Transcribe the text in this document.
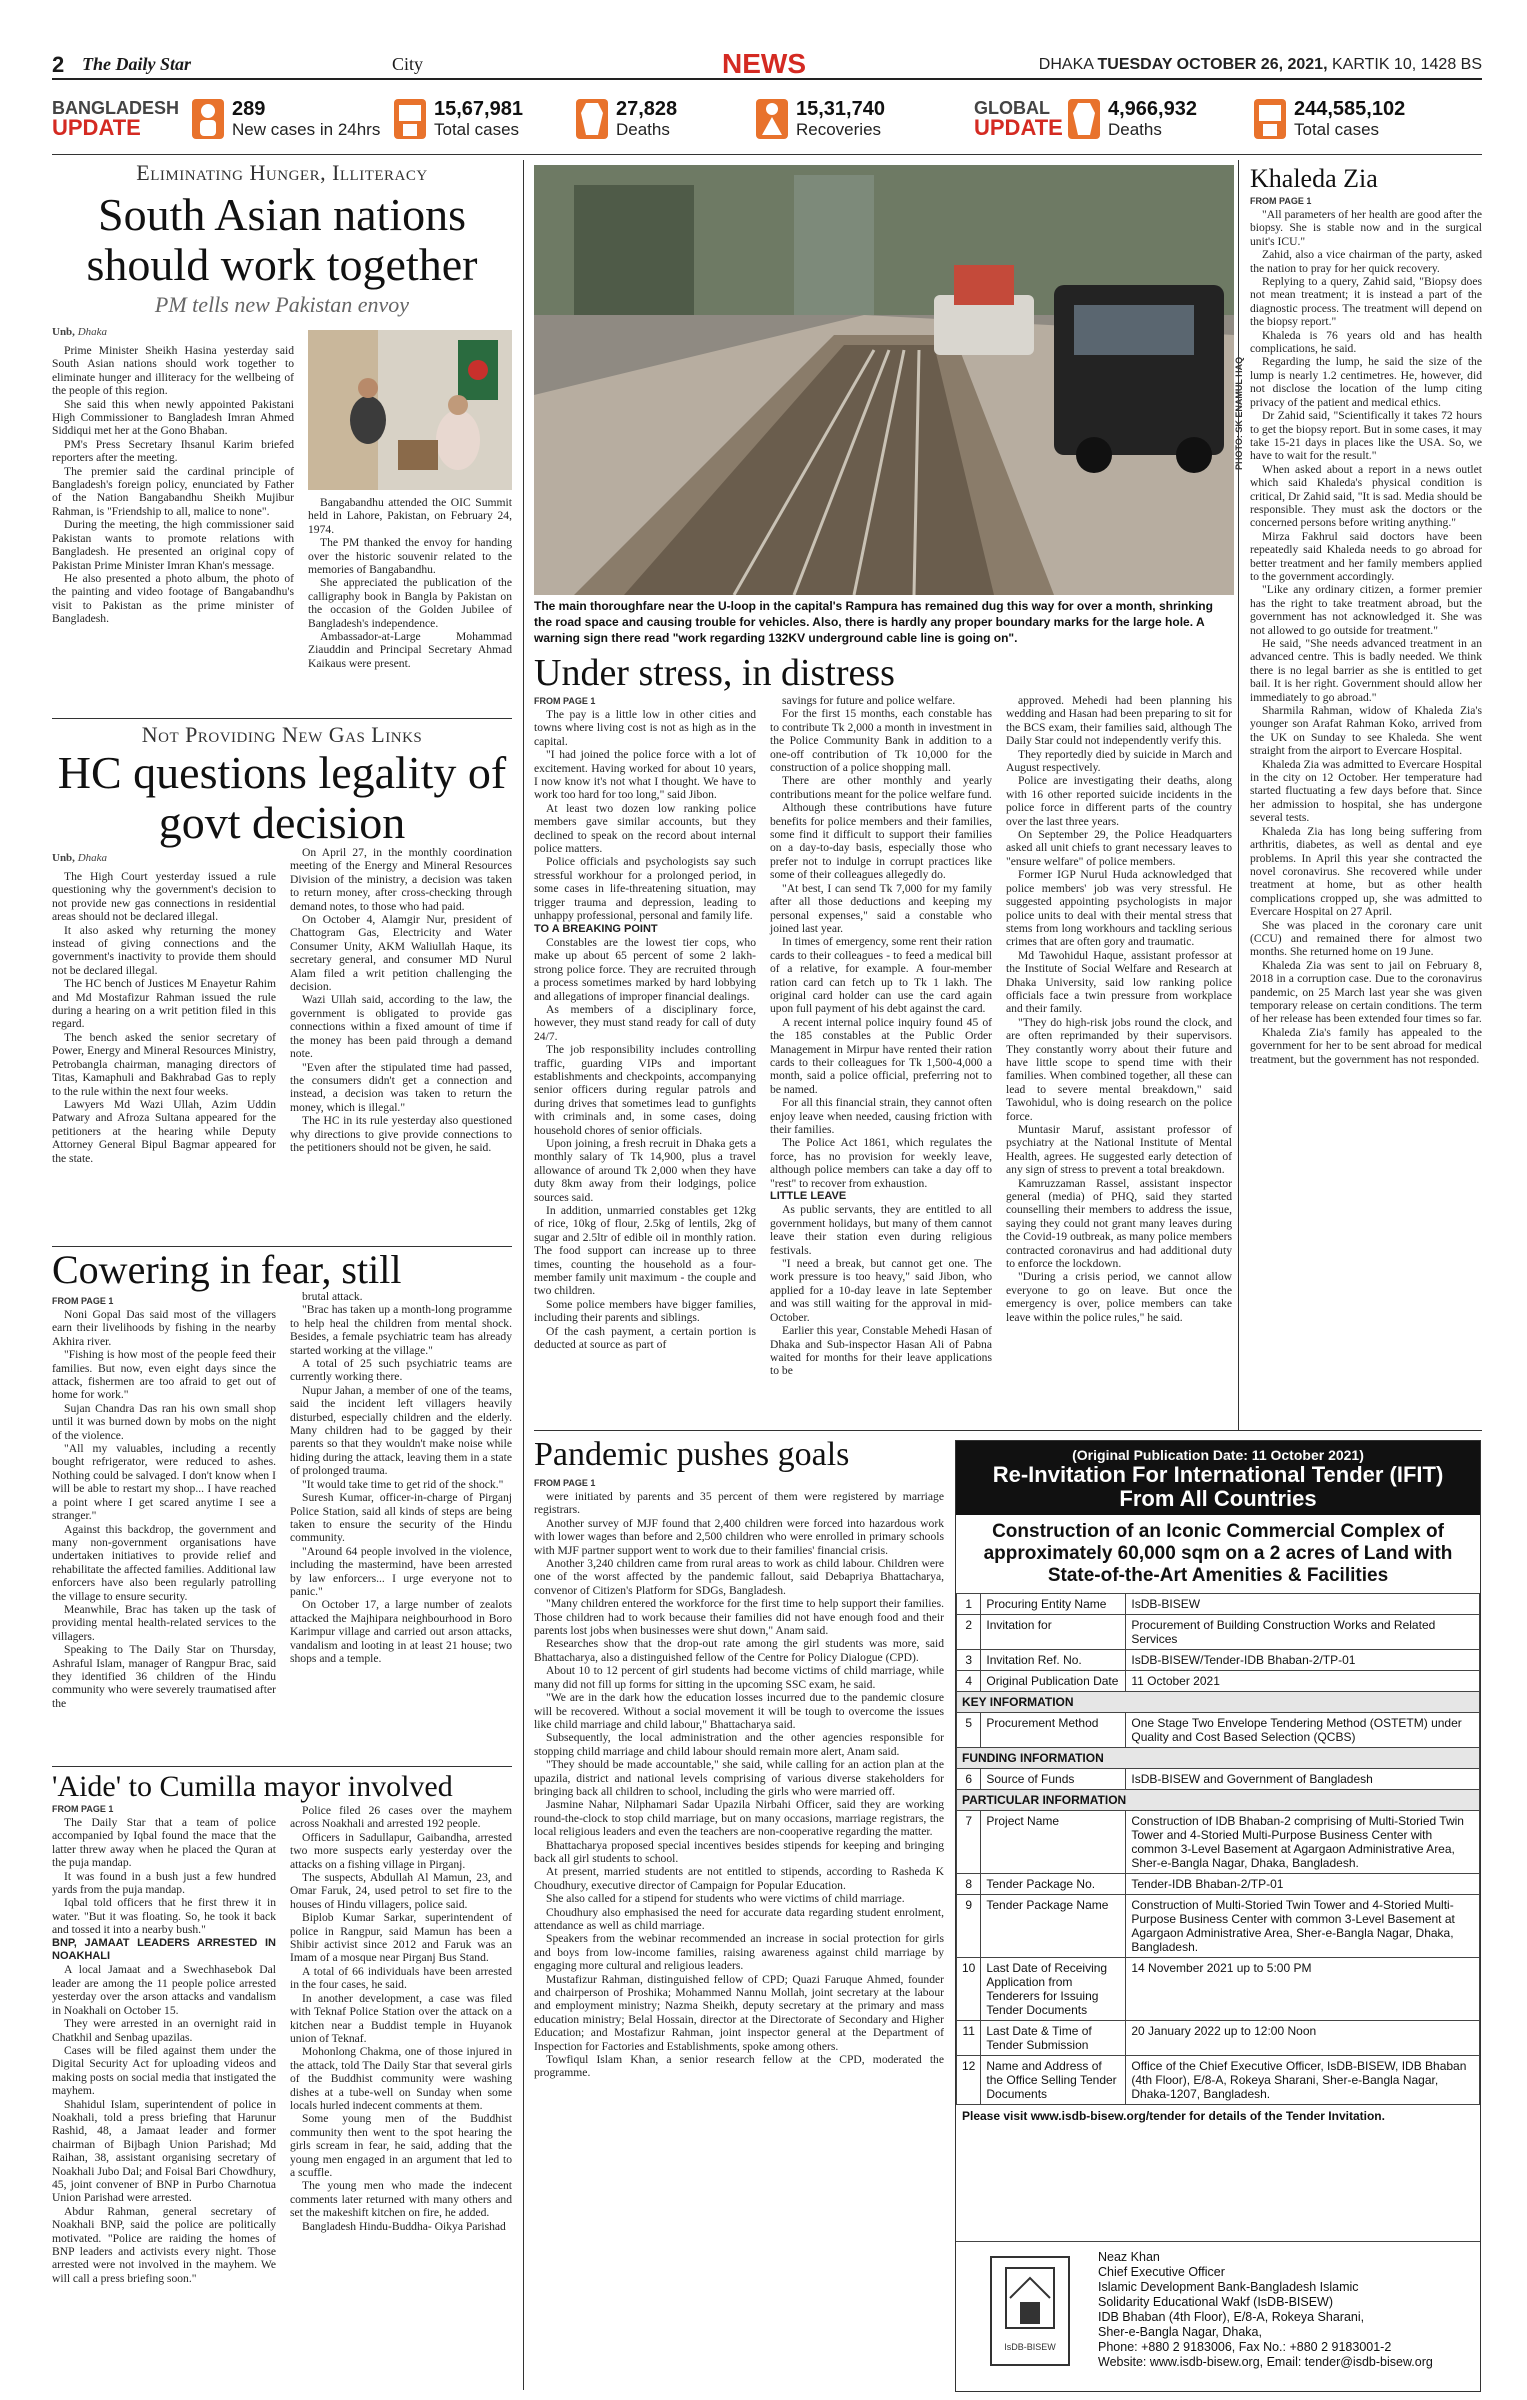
2 The Daily Star	City	NEWS	DHAKA TUESDAY OCTOBER 26, 2021, KARTIK 10, 1428 BS
BANGLADESH
UPDATE
289
New cases in 24hrs
15,67,981
Total cases
27,828
Deaths
15,31,740
Recoveries
GLOBAL
UPDATE
4,966,932
Deaths
244,585,102
Total cases
Eliminating Hunger, Illiteracy
South Asian nations should work together
PM tells new Pakistan envoy
Unb, Dhaka

Prime Minister Sheikh Hasina yesterday said South Asian nations should work together to eliminate hunger and illiteracy for the wellbeing of the people of this region.

She said this when newly appointed Pakistani High Commissioner to Bangladesh Imran Ahmed Siddiqui met her at the Gono Bhaban.

PM's Press Secretary Ihsanul Karim briefed reporters after the meeting.

The premier said the cardinal principle of Bangladesh's foreign policy, enunciated by Father of the Nation Bangabandhu Sheikh Mujibur Rahman, is "Friendship to all, malice to none".

During the meeting, the high commissioner said Pakistan wants to promote relations with Bangladesh. He presented an original copy of Pakistan Prime Minister Imran Khan's message.

He also presented a photo album, the photo of the painting and video footage of Bangabandhu's visit to Pakistan as the prime minister of Bangladesh.

Bangabandhu attended the OIC Summit held in Lahore, Pakistan, on February 24, 1974.

The PM thanked the envoy for handing over the historic souvenir related to the memories of Bangabandhu.

She appreciated the publication of the calligraphy book in Bangla by Pakistan on the occasion of the Golden Jubilee of Bangladesh's independence.

Ambassador-at-Large Mohammad Ziauddin and Principal Secretary Ahmad Kaikaus were present.

Not Providing New Gas Links
HC questions legality of govt decision
Unb, Dhaka

The High Court yesterday issued a rule questioning why the government's decision to not provide new gas connections in residential areas should not be declared illegal.

It also asked why returning the money instead of giving connections and the government's inactivity to provide them should not be declared illegal.

The HC bench of Justices M Enayetur Rahim and Md Mostafizur Rahman issued the rule during a hearing on a writ petition filed in this regard.

The bench asked the senior secretary of Power, Energy and Mineral Resources Ministry, Petrobangla chairman, managing directors of Titas, Kamaphuli and Bakhrabad Gas to reply to the rule within the next four weeks.

Lawyers Md Wazi Ullah, Azim Uddin Patwary and Afroza Sultana appeared for the petitioners at the hearing while Deputy Attorney General Bipul Bagmar appeared for the state.

On April 27, in the monthly coordination meeting of the Energy and Mineral Resources Division of the ministry, a decision was taken to return money, after cross-checking through demand notes, to those who had paid.

On October 4, Alamgir Nur, president of Chattogram Gas, Electricity and Water Consumer Unity, AKM Waliullah Haque, its secretary general, and consumer MD Nurul Alam filed a writ petition challenging the decision.

Wazi Ullah said, according to the law, the government is obligated to provide gas connections within a fixed amount of time if the money has been paid through a demand note.

"Even after the stipulated time had passed, the consumers didn't get a connection and instead, a decision was taken to return the money, which is illegal."

The HC in its rule yesterday also questioned why directions to give provide connections to the petitioners should not be given, he said.

Cowering in fear, still
FROM PAGE 1

Noni Gopal Das said most of the villagers earn their livelihoods by fishing in the nearby Akhira river.

"Fishing is how most of the people feed their families. But now, even eight days since the attack, fishermen are too afraid to get out of home for work."

Sujan Chandra Das ran his own small shop until it was burned down by mobs on the night of the violence.

"All my valuables, including a recently bought refrigerator, were reduced to ashes. Nothing could be salvaged. I don't know when I will be able to restart my shop... I have reached a point where I get scared anytime I see a stranger."

Against this backdrop, the government and many non-government organisations have undertaken initiatives to provide relief and rehabilitate the affected families. Additional law enforcers have also been regularly patrolling the village to ensure security.

Meanwhile, Brac has taken up the task of providing mental health-related services to the villagers.

Speaking to The Daily Star on Thursday, Ashraful Islam, manager of Rangpur Brac, said they identified 36 children of the Hindu community who were severely traumatised after the

brutal attack.

"Brac has taken up a month-long programme to help heal the children from mental shock. Besides, a female psychiatric team has already started working at the village."

A total of 25 such psychiatric teams are currently working there.

Nupur Jahan, a member of one of the teams, said the incident left villagers heavily disturbed, especially children and the elderly. Many children had to be gagged by their parents so that they wouldn't make noise while hiding during the attack, leaving them in a state of prolonged trauma.

"It would take time to get rid of the shock."

Suresh Kumar, officer-in-charge of Pirganj Police Station, said all kinds of steps are being taken to ensure the security of the Hindu community.

"Around 64 people involved in the violence, including the mastermind, have been arrested by law enforcers... I urge everyone not to panic."

On October 17, a large number of zealots attacked the Majhipara neighbourhood in Boro Karimpur village and carried out arson attacks, vandalism and looting in at least 21 house; two shops and a temple.

'Aide' to Cumilla mayor involved
FROM PAGE 1

The Daily Star that a team of police accompanied by Iqbal found the mace that the latter threw away when he placed the Quran at the puja mandap.

It was found in a bush just a few hundred yards from the puja mandap.

Iqbal told officers that he first threw it in water. "But it was floating. So, he took it back and tossed it into a nearby bush."

BNP, JAMAAT LEADERS ARRESTED IN NOAKHALI

A local Jamaat and a Swechhasebok Dal leader are among the 11 people police arrested yesterday over the arson attacks and vandalism in Noakhali on October 15.

They were arrested in an overnight raid in Chatkhil and Senbag upazilas.

Cases will be filed against them under the Digital Security Act for uploading videos and making posts on social media that instigated the mayhem.

Shahidul Islam, superintendent of police in Noakhali, told a press briefing that Harunur Rashid, 48, a Jamaat leader and former chairman of Bijbagh Union Parishad; Md Raihan, 38, assistant organising secretary of Noakhali Jubo Dal; and Foisal Bari Chowdhury, 45, joint convener of BNP in Purbo Charnotua Union Parishad were arrested.

Abdur Rahman, general secretary of Noakhali BNP, said the police are politically motivated. "Police are raiding the homes of BNP leaders and activists every night. Those arrested were not involved in the mayhem. We will call a press briefing soon."

Police filed 26 cases over the mayhem across Noakhali and arrested 192 people.

Officers in Sadullapur, Gaibandha, arrested two more suspects early yesterday over the attacks on a fishing village in Pirganj.

The suspects, Abdullah Al Mamun, 23, and Omar Faruk, 24, used petrol to set fire to the houses of Hindu villagers, police said.

Biplob Kumar Sarkar, superintendent of police in Rangpur, said Mamun has been a Shibir activist since 2012 and Faruk was an Imam of a mosque near Pirganj Bus Stand.

A total of 66 individuals have been arrested in the four cases, he said.

In another development, a case was filed with Teknaf Police Station over the attack on a kitchen near a Buddist temple in Huyanok union of Teknaf.

Mohonlong Chakma, one of those injured in the attack, told The Daily Star that several girls of the Buddhist community were washing dishes at a tube-well on Sunday when some locals hurled indecent comments at them.

Some young men of the Buddhist community then went to the spot hearing the girls scream in fear, he said, adding that the young men engaged in an argument that led to a scuffle.

The young men who made the indecent comments later returned with many others and set the makeshift kitchen on fire, he added.

Bangladesh Hindu-Buddha- Oikya Parishad

PHOTO: SK ENAMUL HAQ
The main thoroughfare near the U-loop in the capital's Rampura has remained dug this way for over a month, shrinking the road space and causing trouble for vehicles. Also, there is hardly any proper boundary marks for the large hole. A warning sign there read "work regarding 132KV underground cable line is going on".
Under stress, in distress
FROM PAGE 1

The pay is a little low in other cities and towns where living cost is not as high as in the capital.

"I had joined the police force with a lot of excitement. Having worked for about 10 years, I now know it's not what I thought. We have to work too hard for too long," said Jibon.

At least two dozen low ranking police members gave similar accounts, but they declined to speak on the record about internal police matters.

Police officials and psychologists say such stressful workhour for a prolonged period, in some cases in life-threatening situation, may trigger trauma and depression, leading to unhappy professional, personal and family life.

TO A BREAKING POINT

Constables are the lowest tier cops, who make up about 65 percent of some 2 lakh-strong police force. They are recruited through a process sometimes marked by hard lobbying and allegations of improper financial dealings.

As members of a disciplinary force, however, they must stand ready for call of duty 24/7.

The job responsibility includes controlling traffic, guarding VIPs and important establishments and checkpoints, accompanying senior officers during regular patrols and during drives that sometimes lead to gunfights with criminals and, in some cases, doing household chores of senior officials.

Upon joining, a fresh recruit in Dhaka gets a monthly salary of Tk 14,900, plus a travel allowance of around Tk 2,000 when they have duty 8km away from their lodgings, police sources said.

In addition, unmarried constables get 12kg of rice, 10kg of flour, 2.5kg of lentils, 2kg of sugar and 2.5ltr of edible oil in monthly ration. The food support can increase up to three times, counting the household as a four-member family unit maximum - the couple and two children.

Some police members have bigger families, including their parents and siblings.

Of the cash payment, a certain portion is deducted at source as part of

savings for future and police welfare.

For the first 15 months, each constable has to contribute Tk 2,000 a month in investment in the Police Community Bank in addition to a one-off contribution of Tk 10,000 for the construction of a police shopping mall.

There are other monthly and yearly contributions meant for the police welfare fund.

Although these contributions have future benefits for police members and their families, some find it difficult to support their families on a day-to-day basis, especially those who prefer not to indulge in corrupt practices like some of their colleagues allegedly do.

"At best, I can send Tk 7,000 for my family after all those deductions and keeping my personal expenses," said a constable who joined last year.

In times of emergency, some rent their ration cards to their colleagues - to feed a medical bill of a relative, for example. A four-member ration card can fetch up to Tk 1 lakh. The original card holder can use the card again upon full payment of his debt against the card.

A recent internal police inquiry found 45 of the 185 constables at the Public Order Management in Mirpur have rented their ration cards to their colleagues for Tk 1,500-4,000 a month, said a police official, preferring not to be named.

For all this financial strain, they cannot often enjoy leave when needed, causing friction with their families.

The Police Act 1861, which regulates the force, has no provision for weekly leave, although police members can take a day off to "rest" to recover from exhaustion.

LITTLE LEAVE

As public servants, they are entitled to all government holidays, but many of them cannot leave their station even during religious festivals.

"I need a break, but cannot get one. The work pressure is too heavy," said Jibon, who applied for a 10-day leave in late September and was still waiting for the approval in mid-October.

Earlier this year, Constable Mehedi Hasan of Dhaka and Sub-inspector Hasan Ali of Pabna waited for months for their leave applications to be

approved. Mehedi had been planning his wedding and Hasan had been preparing to sit for the BCS exam, their families said, although The Daily Star could not independently verify this.

They reportedly died by suicide in March and August respectively.

Police are investigating their deaths, along with 16 other reported suicide incidents in the police force in different parts of the country over the last three years.

On September 29, the Police Headquarters asked all unit chiefs to grant necessary leaves to "ensure welfare" of police members.

Former IGP Nurul Huda acknowledged that police members' job was very stressful. He suggested appointing psychologists in major police units to deal with their mental stress that stems from long workhours and tackling serious crimes that are often gory and traumatic.

Md Tawohidul Haque, assistant professor at the Institute of Social Welfare and Research at Dhaka University, said low ranking police officials face a twin pressure from workplace and their family.

"They do high-risk jobs round the clock, and are often reprimanded by their supervisors. They constantly worry about their future and have little scope to spend time with their families. When combined together, all these can lead to severe mental breakdown," said Tawohidul, who is doing research on the police force.

Muntasir Maruf, assistant professor of psychiatry at the National Institute of Mental Health, agrees. He suggested early detection of any sign of stress to prevent a total breakdown.

Kamruzzaman Rassel, assistant inspector general (media) of PHQ, said they started counselling their members to address the issue, saying they could not grant many leaves during the Covid-19 outbreak, as many police members contracted coronavirus and had additional duty to enforce the lockdown.

"During a crisis period, we cannot allow everyone to go on leave. But once the emergency is over, police members can take leave within the police rules," he said.

Khaleda Zia
FROM PAGE 1

"All parameters of her health are good after the biopsy. She is stable now and in the surgical unit's ICU."

Zahid, also a vice chairman of the party, asked the nation to pray for her quick recovery.

Replying to a query, Zahid said, "Biopsy does not mean treatment; it is instead a part of the diagnostic process. The treatment will depend on the biopsy report."

Khaleda is 76 years old and has health complications, he said.

Regarding the lump, he said the size of the lump is nearly 1.2 centimetres. He, however, did not disclose the location of the lump citing privacy of the patient and medical ethics.

Dr Zahid said, "Scientifically it takes 72 hours to get the biopsy report. But in some cases, it may take 15-21 days in places like the USA. So, we have to wait for the result."

When asked about a report in a news outlet which said Khaleda's physical condition is critical, Dr Zahid said, "It is sad. Media should be responsible. They must ask the doctors or the concerned persons before writing anything."

Mirza Fakhrul said doctors have been repeatedly said Khaleda needs to go abroad for better treatment and her family members applied to the government accordingly.

"Like any ordinary citizen, a former premier has the right to take treatment abroad, but the government has not acknowledged it. She was not allowed to go outside for treatment."

He said, "She needs advanced treatment in an advanced centre. This is badly needed. We think there is no legal barrier as she is entitled to get bail. It is her right. Government should allow her immediately to go abroad."

Sharmila Rahman, widow of Khaleda Zia's younger son Arafat Rahman Koko, arrived from the UK on Sunday to see Khaleda. She went straight from the airport to Evercare Hospital.

Khaleda Zia was admitted to Evercare Hospital in the city on 12 October. Her temperature had started fluctuating a few days before that. Since her admission to hospital, she has undergone several tests.

Khaleda Zia has long being suffering from arthritis, diabetes, as well as dental and eye problems. In April this year she contracted the novel coronavirus. She recovered while under treatment at home, but as other health complications cropped up, she was admitted to Evercare Hospital on 27 April.

She was placed in the coronary care unit (CCU) and remained there for almost two months. She returned home on 19 June.

Khaleda Zia was sent to jail on February 8, 2018 in a corruption case. Due to the coronavirus pandemic, on 25 March last year she was given temporary release on certain conditions. The term of her release has been extended four times so far.

Khaleda Zia's family has appealed to the government for her to be sent abroad for medical treatment, but the government has not responded.

Pandemic pushes goals
FROM PAGE 1

were initiated by parents and 35 percent of them were registered by marriage registrars.

Another survey of MJF found that 2,400 children were forced into hazardous work with lower wages than before and 2,500 children who were enrolled in primary schools with MJF partner support went to work due to their families' financial crisis.

Another 3,240 children came from rural areas to work as child labour. Children were one of the worst affected by the pandemic fallout, said Debapriya Bhattacharya, convenor of Citizen's Platform for SDGs, Bangladesh.

"Many children entered the workforce for the first time to help support their families. Those children had to work because their families did not have enough food and their parents lost jobs when businesses were shut down," Anam said.

Researches show that the drop-out rate among the girl students was more, said Bhattacharya, also a distinguished fellow of the Centre for Policy Dialogue (CPD).

About 10 to 12 percent of girl students had become victims of child marriage, while many did not fill up forms for sitting in the upcoming SSC exam, he said.

"We are in the dark how the education losses incurred due to the pandemic closure will be recovered. Without a social movement it will be tough to overcome the issues like child marriage and child labour," Bhattacharya said.

Subsequently, the local administration and the other agencies responsible for stopping child marriage and child labour should remain more alert, Anam said.

"They should be made accountable," she said, while calling for an action plan at the upazila, district and national levels comprising of various diverse stakeholders for bringing back all children to school, including the girls who were married off.

Jasmine Nahar, Nilphamari Sadar Upazila Nirbahi Officer, said they are working round-the-clock to stop child marriage, but on many occasions, marriage registrars, the local religious leaders and even the teachers are non-cooperative regarding the matter.

Bhattacharya proposed special incentives besides stipends for keeping and bringing back all girl students to school.

At present, married students are not entitled to stipends, according to Rasheda K Choudhury, executive director of Campaign for Popular Education.

She also called for a stipend for students who were victims of child marriage.

Choudhury also emphasised the need for accurate data regarding student enrolment, attendance as well as child marriage.

Speakers from the webinar recommended an increase in social protection for girls and boys from low-income families, raising awareness against child marriage by engaging more cultural and religious leaders.

Mustafizur Rahman, distinguished fellow of CPD; Quazi Faruque Ahmed, founder and chairperson of Proshika; Mohammed Nannu Mollah, joint secretary at the labour and employment ministry; Nazma Sheikh, deputy secretary at the primary and mass education ministry; Belal Hossain, director at the Directorate of Secondary and Higher Education; and Mostafizur Rahman, joint inspector general at the Department of Inspection for Factories and Establishments, spoke among others.

Towfiqul Islam Khan, a senior research fellow at the CPD, moderated the programme.

(Original Publication Date: 11 October 2021)
Re-Invitation For International Tender (IFIT)
From All Countries
Construction of an Iconic Commercial Complex of approximately 60,000 sqm on a 2 acres of Land with State-of-the-Art Amenities & Facilities
1	Procuring Entity Name	IsDB-BISEW
2	Invitation for	Procurement of Building Construction Works and Related Services
3	Invitation Ref. No.	IsDB-BISEW/Tender-IDB Bhaban-2/TP-01
4	Original Publication Date	11 October 2021
KEY INFORMATION		
5	Procurement Method	One Stage Two Envelope Tendering Method (OSTETM) under Quality and Cost Based Selection (QCBS)
FUNDING INFORMATION		
6	Source of Funds	IsDB-BISEW and Government of Bangladesh
PARTICULAR INFORMATION		
7	Project Name	Construction of IDB Bhaban-2 comprising of Multi-Storied Twin Tower and 4-Storied Multi-Purpose Business Center with common 3-Level Basement at Agargaon Administrative Area, Sher-e-Bangla Nagar, Dhaka, Bangladesh.
8	Tender Package No.	Tender-IDB Bhaban-2/TP-01
9	Tender Package Name	Construction of Multi-Storied Twin Tower and 4-Storied Multi-Purpose Business Center with common 3-Level Basement at Agargaon Administrative Area, Sher-e-Bangla Nagar, Dhaka, Bangladesh.
10	Last Date of Receiving Application from Tenderers for Issuing Tender Documents	14 November 2021 up to 5:00 PM
11	Last Date & Time of Tender Submission	20 January 2022 up to 12:00 Noon
12	Name and Address of the Office Selling Tender Documents	Office of the Chief Executive Officer, IsDB-BISEW, IDB Bhaban (4th Floor), E/8-A, Rokeya Sharani, Sher-e-Bangla Nagar, Dhaka-1207, Bangladesh.
Please visit www.isdb-bisew.org/tender for details of the Tender Invitation.
IsDB-BISEW
Neaz Khan
Chief Executive Officer
Islamic Development Bank-Bangladesh Islamic
Solidarity Educational Wakf (IsDB-BISEW)
IDB Bhaban (4th Floor), E/8-A, Rokeya Sharani,
Sher-e-Bangla Nagar, Dhaka,
Phone: +880 2 9183006, Fax No.: +880 2 9183001-2
Website: www.isdb-bisew.org, Email: tender@isdb-bisew.org
